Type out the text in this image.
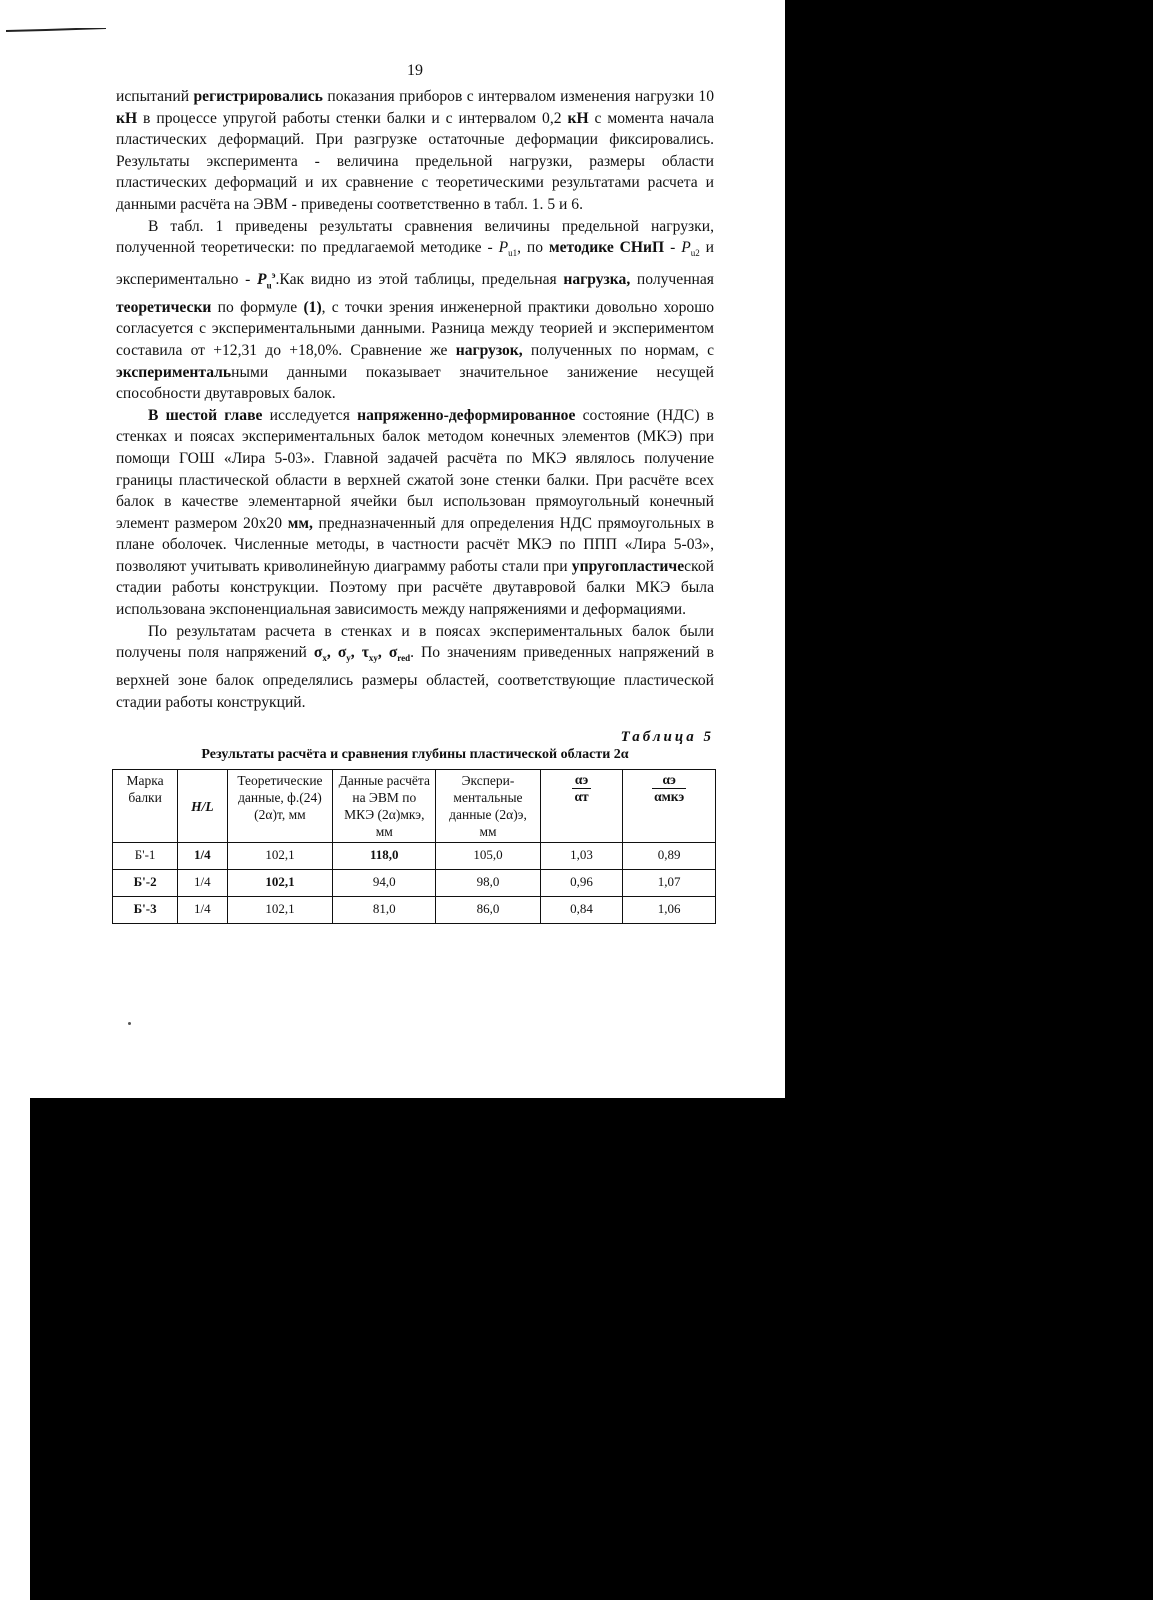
19

испытаний регистрировались показания приборов с интервалом изменения нагрузки 10 кН в процессе упругой работы стенки балки и с интервалом 0,2 кН с момента начала пластических деформаций. При разгрузке остаточные деформации фиксировались. Результаты эксперимента - величина предельной нагрузки, размеры области пластических деформаций и их сравнение с теоретическими результатами расчета и данными расчёта на ЭВМ - приведены соответственно в табл. 1. 5 и 6.

В табл. 1 приведены результаты сравнения величины предельной нагрузки, полученной теоретически: по предлагаемой методике - $P_{u1}$, по методике СНиП - $P_{u2}$ и экспериментально - $P_u^э.Как$ видно из этой таблицы, предельная нагрузка, полученная теоретически по формуле (1), с точки зрения инженерной практики довольно хорошо согласуется с экспериментальными данными. Разница между теорией и экспериментом составила от +12,31 до +18,0%. Сравнение же нагрузок, полученных по нормам, с экспериментальными данными показывает значительное занижение несущей способности двутавровых балок.

В шестой главе исследуется напряженно-деформированное состояние (НДС) в стенках и поясах экспериментальных балок методом конечных элементов (МКЭ) при помощи ГОШ «Лира 5-03». Главной задачей расчёта по МКЭ являлось получение границы пластической области в верхней сжатой зоне стенки балки. При расчёте всех балок в качестве элементарной ячейки был использован прямоугольный конечный элемент размером 20x20 мм, предназначенный для определения НДС прямоугольных в плане оболочек. Численные методы, в частности расчёт МКЭ по ППП «Лира 5-03», позволяют учитывать криволинейную диаграмму работы стали при упругопластической стадии работы конструкции. Поэтому при расчёте двутавровой балки МКЭ была использована экспоненциальная зависимость между напряжениями и деформациями.

По результатам расчета в стенках и в поясах экспериментальных балок были получены поля напряжений $\sigma_x$, $\sigma_y$, $\tau_{xy}$, $\sigma_{red}$. По значениям приведенных напряжений в верхней зоне балок определялись размеры областей, соответствующие пластической стадии работы конструкций.

Таблица 5
Результаты расчёта и сравнения глубины пластической области 2α
Марка балки	H/L	Теоретические данные, ф.(24) (2α)т, мм	Данные расчёта на ЭВМ по МКЭ (2α)мкэ, мм	Экспериментальные данные (2α)э, мм	$\frac{\alpha э}{\alpha т}$	$\frac{\alpha э}{\text{αмкэ}}$

Б'-1	1/4	102,1	118,0	105,0	1,03	0,89
Б'-2	1/4	102,1	94,0	98,0	0,96	1,07
Б'-3	1/4	102,1	81,0	86,0	0,84	1,06
